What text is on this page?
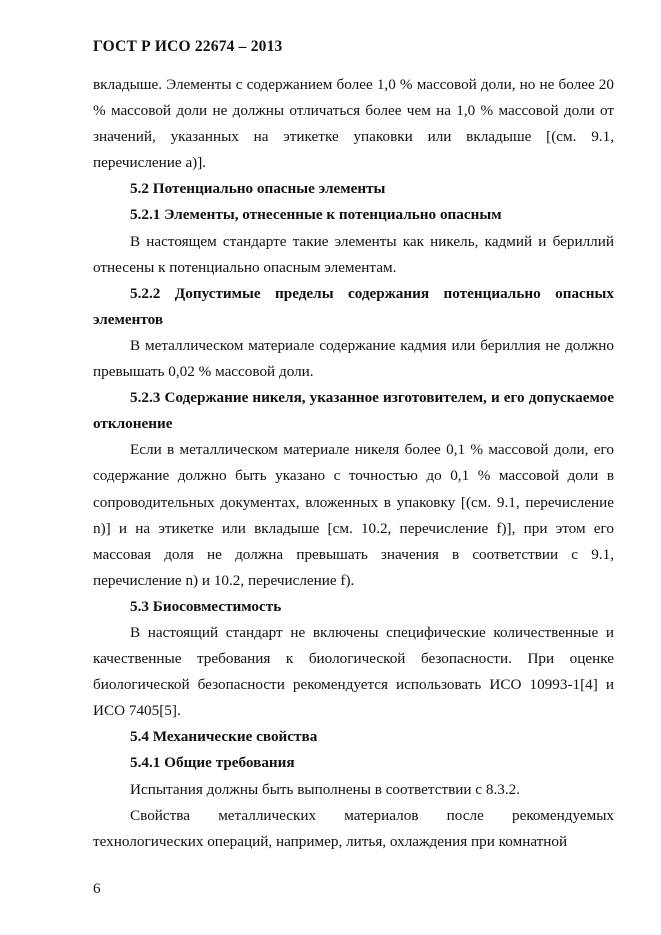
ГОСТ Р ИСО 22674 – 2013

вкладыше. Элементы с содержанием более 1,0 % массовой доли, но не более 20 % массовой доли не должны отличаться более чем на 1,0 % массовой доли от значений, указанных на этикетке упаковки или вкладыше [(см. 9.1, перечисление а)].

5.2 Потенциально опасные элементы

5.2.1 Элементы, отнесенные к потенциально опасным

В настоящем стандарте такие элементы как никель, кадмий и бериллий отнесены к потенциально опасным элементам.

5.2.2 Допустимые пределы содержания потенциально опасных элементов

В металлическом материале содержание кадмия или бериллия не должно превышать 0,02 % массовой доли.

5.2.3 Содержание никеля, указанное изготовителем, и его допускаемое отклонение

Если в металлическом материале никеля более 0,1 % массовой доли, его содержание должно быть указано с точностью до 0,1 % массовой доли в сопроводительных документах, вложенных в упаковку [(см. 9.1, перечисление n)] и на этикетке или вкладыше [см. 10.2, перечисление f)], при этом его массовая доля не должна превышать значения в соответствии с 9.1, перечисление n) и 10.2, перечисление f).

5.3 Биосовместимость

В настоящий стандарт не включены специфические количественные и качественные требования к биологической безопасности. При оценке биологической безопасности рекомендуется использовать ИСО 10993-1[4] и ИСО 7405[5].

5.4 Механические свойства

5.4.1 Общие требования

Испытания должны быть выполнены в соответствии с 8.3.2.

Свойства металлических материалов после рекомендуемых технологических операций, например, литья, охлаждения при комнатной

6
